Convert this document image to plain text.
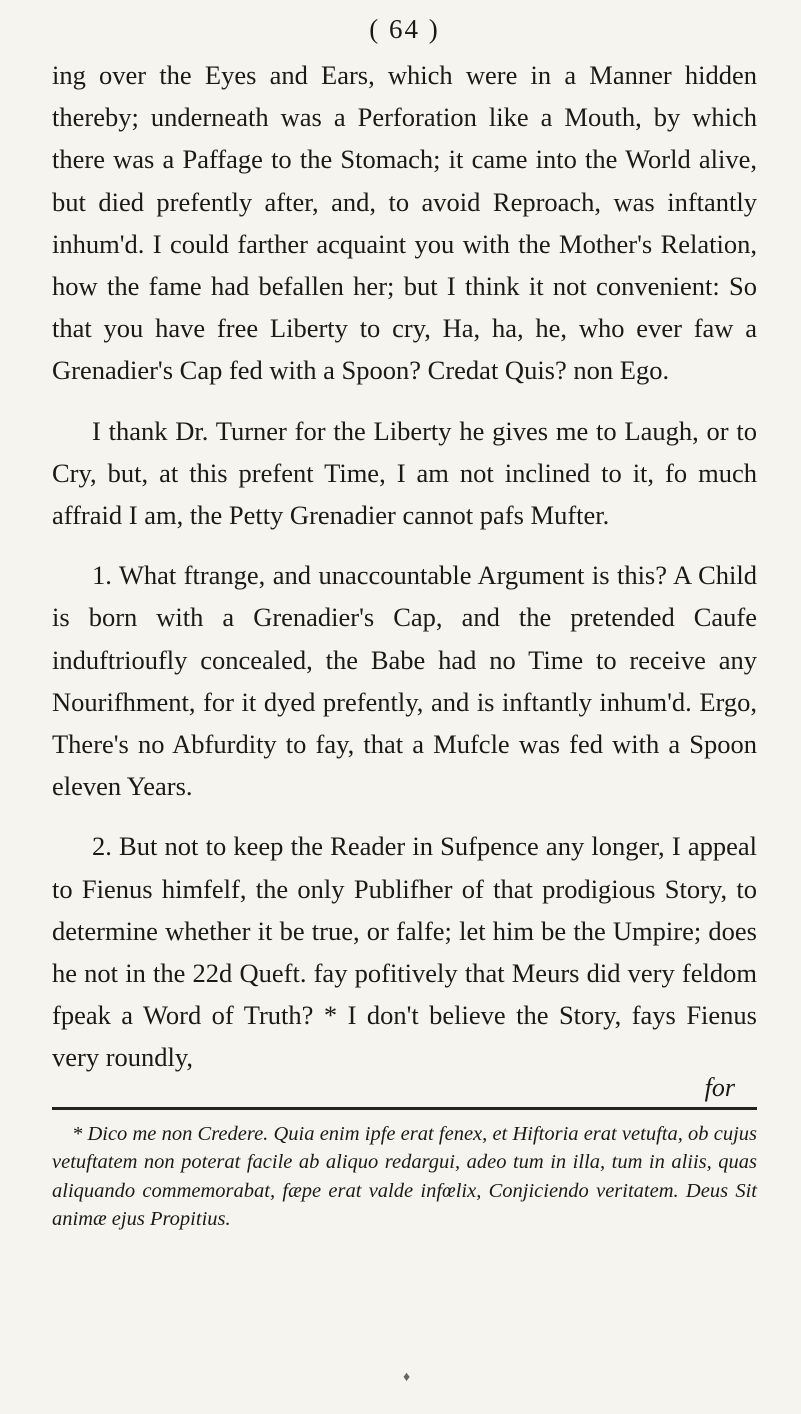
( 64 )

ing over the Eyes and Ears, which were in a Manner hidden thereby; underneath was a Perforation like a Mouth, by which there was a Paffage to the Stomach; it came into the World alive, but died prefently after, and, to avoid Reproach, was inftantly inhum'd. I could farther acquaint you with the Mother's Relation, how the fame had befallen her; but I think it not convenient: So that you have free Liberty to cry, Ha, ha, he, who ever faw a Grenadier's Cap fed with a Spoon? Credat Quis? non Ego.

I thank Dr. Turner for the Liberty he gives me to Laugh, or to Cry, but, at this prefent Time, I am not inclined to it, fo much affraid I am, the Petty Grenadier cannot pafs Mufter.

1. What ftrange, and unaccountable Argument is this? A Child is born with a Grenadier's Cap, and the pretended Caufe induftrioufly concealed, the Babe had no Time to receive any Nourifhment, for it dyed prefently, and is inftantly inhum'd. Ergo, There's no Abfurdity to fay, that a Mufcle was fed with a Spoon eleven Years.

2. But not to keep the Reader in Sufpence any longer, I appeal to Fienus himfelf, the only Publifher of that prodigious Story, to determine whether it be true, or falfe; let him be the Umpire; does he not in the 22d Queft. fay pofitively that Meurs did very feldom fpeak a Word of Truth? * I don't believe the Story, fays Fienus very roundly,

for
* Dico me non Credere. Quia enim ipfe erat fenex, et Hiftoria erat vetufta, ob cujus vetuftatem non poterat facile ab aliquo redargui, adeo tum in illa, tum in aliis, quas aliquando commemorabat, fæpe erat valde infœlix, Conjiciendo veritatem. Deus Sit animæ ejus Propitius.
♦
